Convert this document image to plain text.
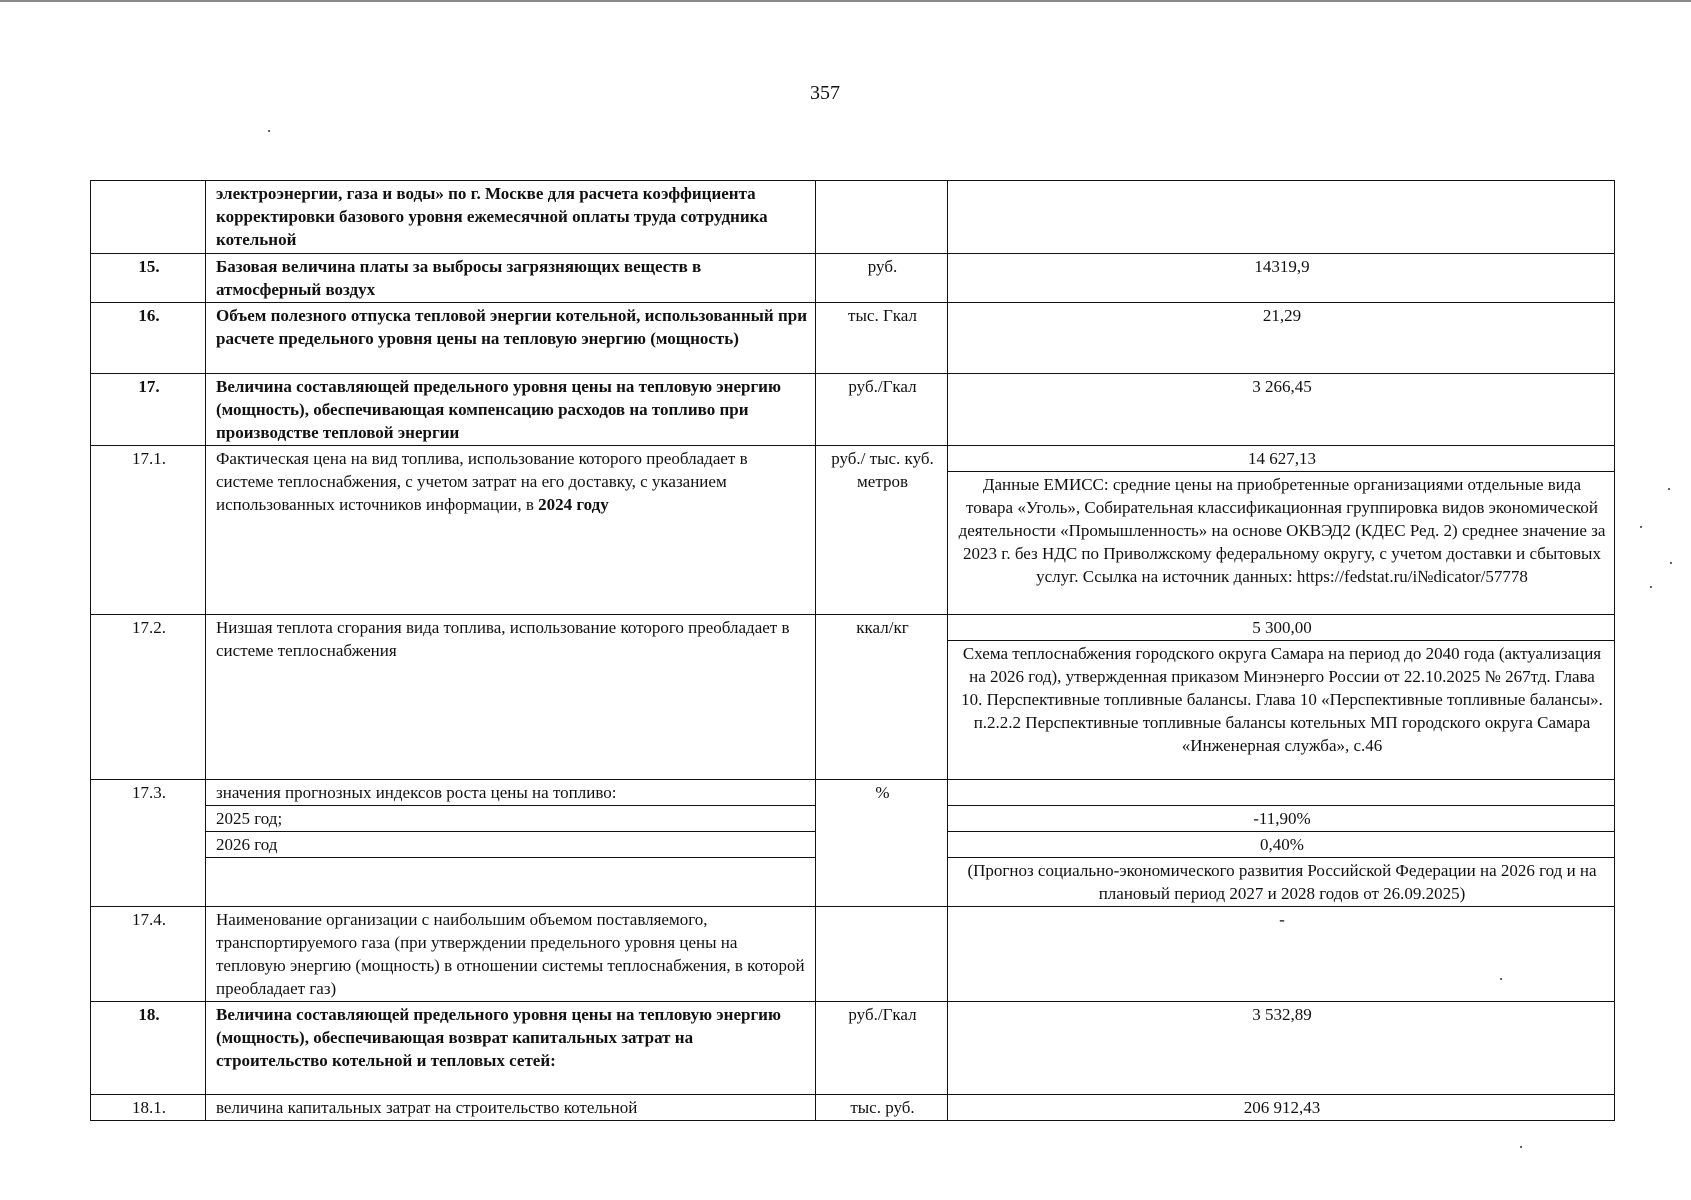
357
	электроэнергии, газа и воды» по г. Москве для расчета коэффициента корректировки базового уровня ежемесячной оплаты труда сотрудника котельной		
15.	Базовая величина платы за выбросы загрязняющих веществ в атмосферный воздух	руб.	14319,9
16.	Объем полезного отпуска тепловой энергии котельной, использованный при расчете предельного уровня цены на тепловую энергию (мощность)	тыс. Гкал	21,29
17.	Величина составляющей предельного уровня цены на тепловую энергию (мощность), обеспечивающая компенсацию расходов на топливо при производстве тепловой энергии	руб./Гкал	3 266,45
17.1.	Фактическая цена на вид топлива, использование которого преобладает в системе теплоснабжения, с учетом затрат на его доставку, с указанием использованных источников информации, в 2024 году	руб./ тыс. куб. метров	14 627,13
			Данные ЕМИСС: средние цены на приобретенные организациями отдельные вида товара «Уголь», Собирательная классификационная группировка видов экономической деятельности «Промышленность» на основе ОКВЭД2 (КДЕС Ред. 2) среднее значение за 2023 г. без НДС по Приволжскому федеральному округу, с учетом доставки и сбытовых услуг. Ссылка на источник данных: https://fedstat.ru/i№dicator/57778
17.2.	Низшая теплота сгорания вида топлива, использование которого преобладает в системе теплоснабжения	ккал/кг	5 300,00
			Схема теплоснабжения городского округа Самара на период до 2040 года (актуализация на 2026 год), утвержденная приказом Минэнерго России от 22.10.2025 № 267тд. Глава 10. Перспективные топливные балансы. Глава 10 «Перспективные топливные балансы». п.2.2.2 Перспективные топливные балансы котельных МП городского округа Самара «Инженерная служба», с.46
17.3.	значения прогнозных индексов роста цены на топливо:	%	
	2025 год;		-11,90%
	2026 год		0,40%
			(Прогноз социально-экономического развития Российской Федерации на 2026 год и на плановый период 2027 и 2028 годов от 26.09.2025)
17.4.	Наименование организации с наибольшим объемом поставляемого, транспортируемого газа (при утверждении предельного уровня цены на тепловую энергию (мощность) в отношении системы теплоснабжения, в которой преобладает газ)		-
18.	Величина составляющей предельного уровня цены на тепловую энергию (мощность), обеспечивающая возврат капитальных затрат на строительство котельной и тепловых сетей:	руб./Гкал	3 532,89
18.1.	величина капитальных затрат на строительство котельной	тыс. руб.	206 912,43
